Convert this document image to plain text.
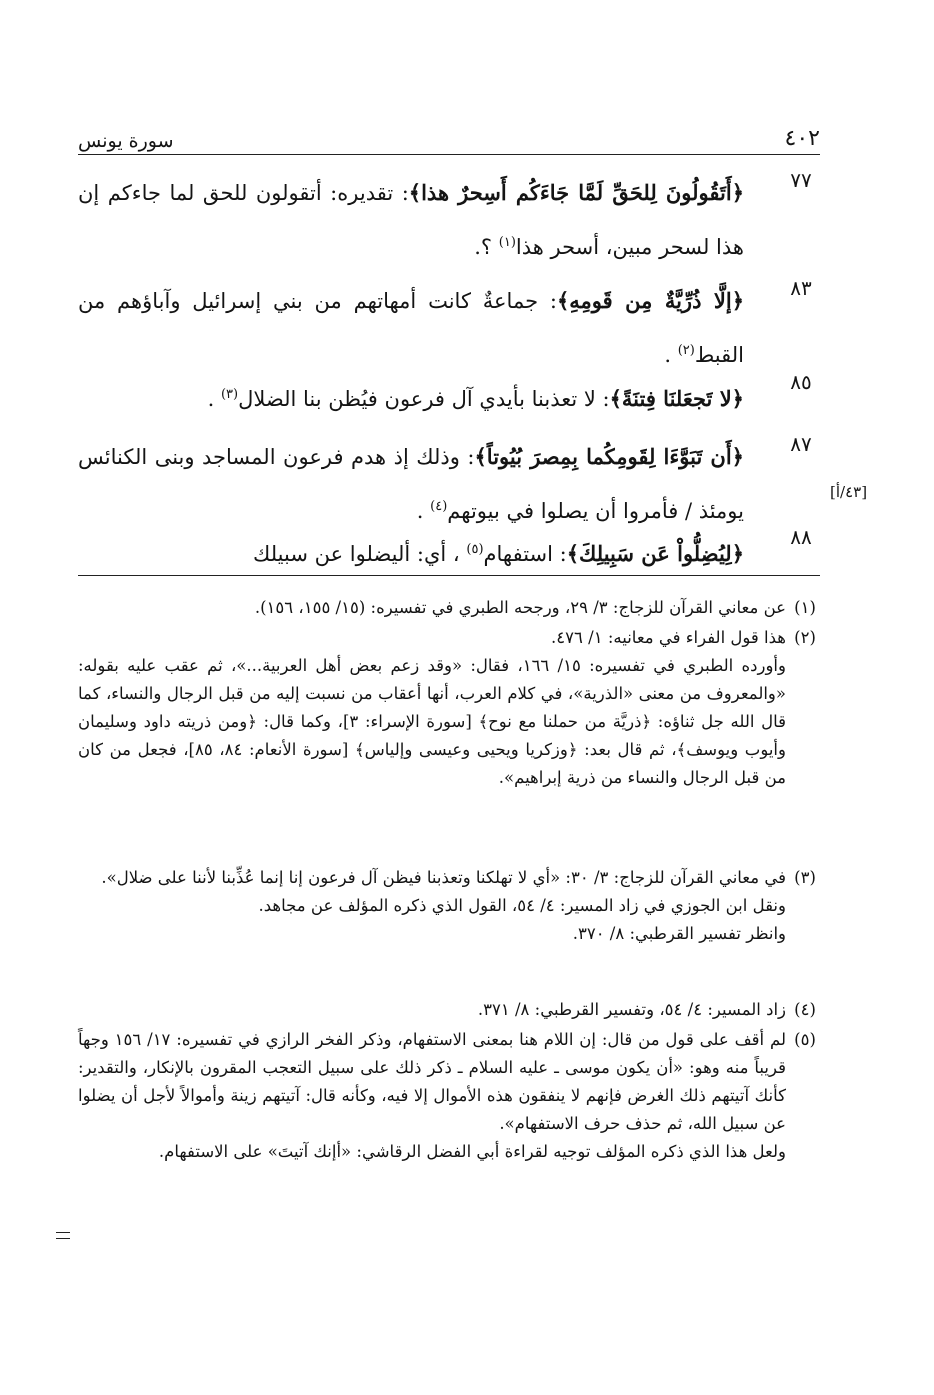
٤٠٢
سورة يونس
٧٧
﴿أَتَقُولُونَ لِلحَقِّ لَمَّا جَاءَكُم أَسِحرٌ هذا﴾: تقديره: أتقولون للحق لما جاءكم إن هذا لسحر مبين، أسحر هذا$^{(١)}$ ؟.
٨٣
﴿إلَّا ذُرِّيَّةٌ مِن قَومِهِ﴾: جماعةٌ كانت أمهاتهم من بني إسرائيل وآباؤهم من القبط$^{(٢)}$ .
٨٥
﴿لا تَجعَلنَا فِتنَةً﴾: لا تعذبنا بأيدي آل فرعون فيُظن بنا الضلال$^{(٣)}$ .
٨٧
﴿أَن تَبَوَّءَا لِقَومِكُما بِمِصرَ بُيُوتاً﴾: وذلك إذ هدم فرعون المساجد وبنى الكنائس يومئذ / فأمروا أن يصلوا في بيوتهم$^{(٤)}$ .
[٤٣/أ]
٨٨
﴿لِيُضِلُّواْ عَن سَبِيلِكَ﴾: استفهام$^{(٥)}$ ، أي: أليضلوا عن سبيلك
(١)
عن معاني القرآن للزجاج: ٣/ ٢٩، ورجحه الطبري في تفسيره: (١٥/ ١٥٥، ١٥٦).
(٢)
هذا قول الفراء في معانيه: ١/ ٤٧٦.

وأورده الطبري في تفسيره: ١٥/ ١٦٦، فقال: «وقد زعم بعض أهل العربية...»، ثم عقب عليه بقوله: «والمعروف من معنى «الذرية»، في كلام العرب، أنها أعقاب من نسبت إليه من قبل الرجال والنساء، كما قال الله جل ثناؤه: ﴿ذريَّة من حملنا مع نوح﴾ [سورة الإسراء: ٣]، وكما قال: ﴿ومن ذريته داود وسليمان وأيوب ويوسف﴾، ثم قال بعد: ﴿وزكريا ويحيى وعيسى وإلياس﴾ [سورة الأنعام: ٨٤، ٨٥]، فجعل من كان من قبل الرجال والنساء من ذرية إبراهيم».

(٣)
في معاني القرآن للزجاج: ٣/ ٣٠: «أي لا تهلكنا وتعذبنا فيظن آل فرعون إنا إنما عُذِّبنا لأننا على ضلال».

ونقل ابن الجوزي في زاد المسير: ٤/ ٥٤، القول الذي ذكره المؤلف عن مجاهد.

وانظر تفسير القرطبي: ٨/ ٣٧٠.

(٤)
زاد المسير: ٤/ ٥٤، وتفسير القرطبي: ٨/ ٣٧١.
(٥)
لم أقف على قول من قال: إن اللام هنا بمعنى الاستفهام، وذكر الفخر الرازي في تفسيره: ١٧/ ١٥٦ وجهاً قريباً منه وهو: «أن يكون موسى ـ عليه السلام ـ ذكر ذلك على سبيل التعجب المقرون بالإنكار، والتقدير: كأنك آتيتهم ذلك الغرض فإنهم لا ينفقون هذه الأموال إلا فيه، وكأنه قال: آتيتهم زينة وأموالاً لأجل أن يضلوا عن سبيل الله، ثم حذف حرف الاستفهام».

ولعل هذا الذي ذكره المؤلف توجيه لقراءة أبي الفضل الرقاشي: «أإنك آتيتَ» على الاستفهام.
